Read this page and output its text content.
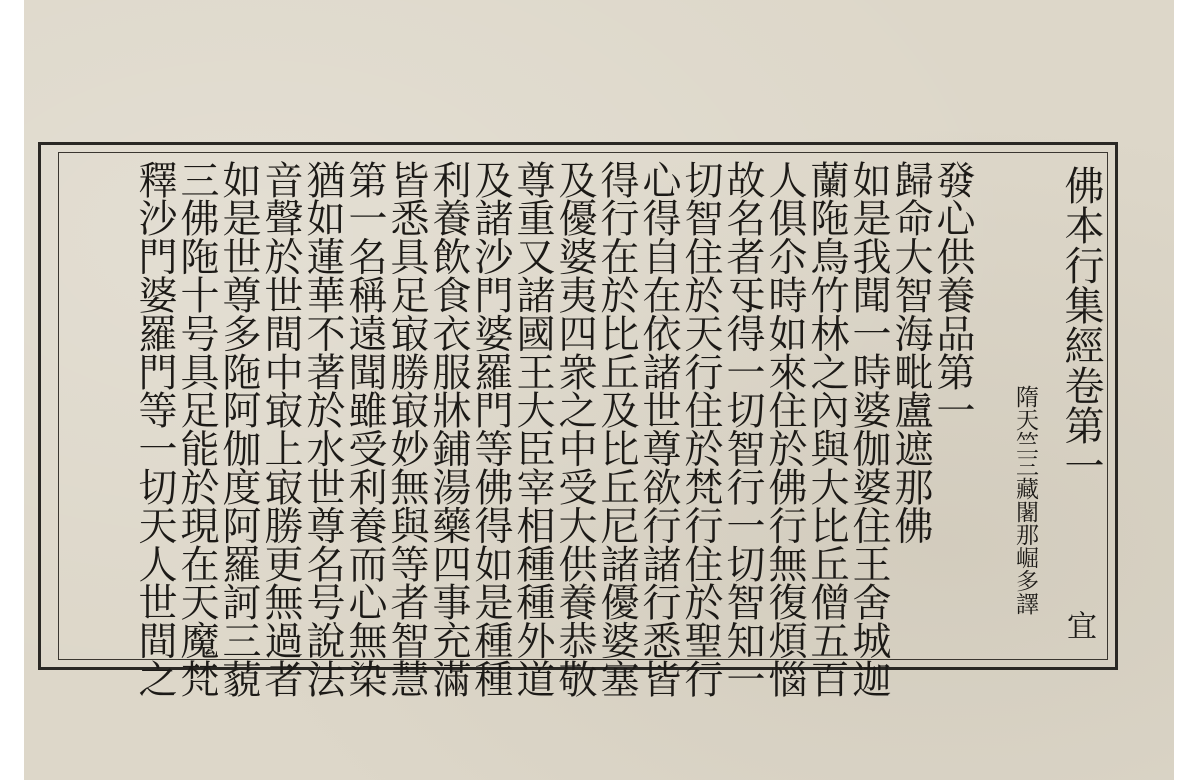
佛本行集經卷第一
隋天竺三藏闍那崛多譯
宜
發心供養品第一
歸命大智海毗盧遮那佛
如是我聞一時婆伽婆住王舍城迦
蘭陁鳥竹林之內與大比丘僧五百
人俱尒時如來住於佛行無復煩惱
故名者㸦得一切智行一切智知一
切智住於天行住於梵行住於聖行
心得自在依諸世尊欲行諸行悉皆
得行在於比丘及比丘尼諸優婆塞
及優婆夷四衆之中受大供養恭敬
尊重又諸國王大臣宰相種種外道
及諸沙門婆羅門等佛得如是種種
利養飲食衣服牀鋪湯藥四事充滿
皆悉具足㝡勝㝡妙無與等者智慧
第一名稱遠聞雖受利養而心無染
猶如蓮華不著於水世尊名号說法
音聲於世間中㝡上㝡勝更無過者
如是世尊多陁阿伽度阿羅訶三藐
三佛陁十号具足能於現在天魔梵
釋沙門婆羅門等一切天人世間之
